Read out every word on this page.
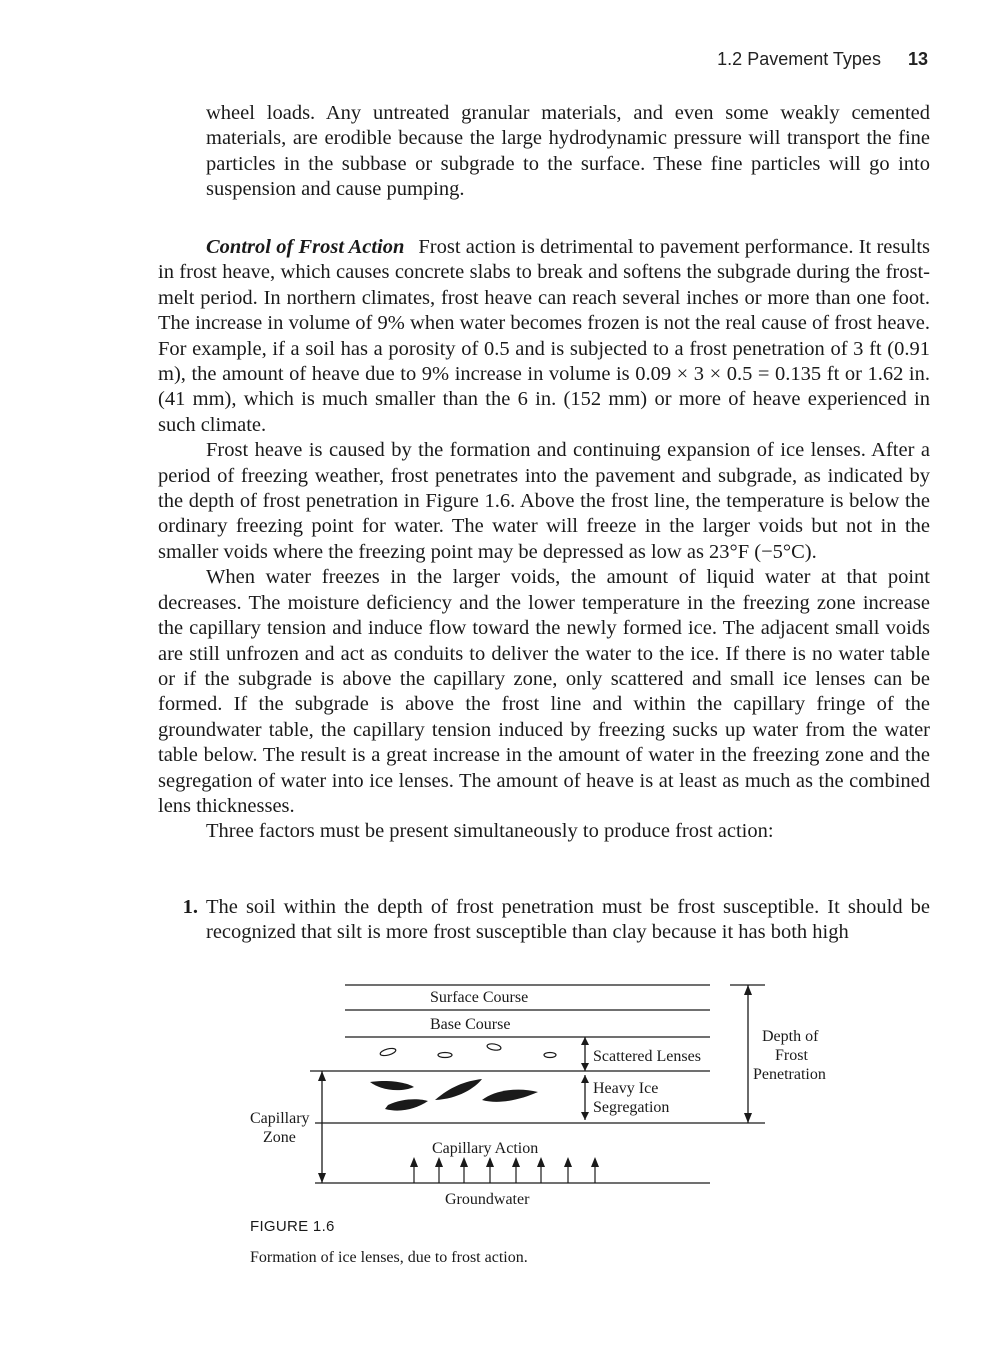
1.2 Pavement Types 13

wheel loads. Any untreated granular materials, and even some weakly cemented materials, are erodible because the large hydrodynamic pressure will transport the fine particles in the subbase or subgrade to the surface. These fine particles will go into suspension and cause pumping.

Control of Frost Action Frost action is detrimental to pavement performance. It results in frost heave, which causes concrete slabs to break and softens the subgrade during the frost-melt period. In northern climates, frost heave can reach several inches or more than one foot. The increase in volume of 9% when water becomes frozen is not the real cause of frost heave. For example, if a soil has a porosity of 0.5 and is subjected to a frost penetration of 3 ft (0.91 m), the amount of heave due to 9% increase in volume is 0.09 × 3 × 0.5 = 0.135 ft or 1.62 in. (41 mm), which is much smaller than the 6 in. (152 mm) or more of heave experienced in such climate.

Frost heave is caused by the formation and continuing expansion of ice lenses. After a period of freezing weather, frost penetrates into the pavement and subgrade, as indicated by the depth of frost penetration in Figure 1.6. Above the frost line, the temperature is below the ordinary freezing point for water. The water will freeze in the larger voids but not in the smaller voids where the freezing point may be depressed as low as 23°F (−5°C).

When water freezes in the larger voids, the amount of liquid water at that point decreases. The moisture deficiency and the lower temperature in the freezing zone increase the capillary tension and induce flow toward the newly formed ice. The adjacent small voids are still unfrozen and act as conduits to deliver the water to the ice. If there is no water table or if the subgrade is above the capillary zone, only scattered and small ice lenses can be formed. If the subgrade is above the frost line and within the capillary fringe of the groundwater table, the capillary tension induced by freezing sucks up water from the water table below. The result is a great increase in the amount of water in the freezing zone and the segregation of water into ice lenses. The amount of heave is at least as much as the combined lens thicknesses.

Three factors must be present simultaneously to produce frost action:

1. The soil within the depth of frost penetration must be frost susceptible. It should be recognized that silt is more frost susceptible than clay because it has both high
Surface Course
Base Course
Scattered Lenses
Heavy Ice
Segregation
Capillary
Zone
Capillary Action
Groundwater
Depth of
Frost
Penetration
FIGURE 1.6
Formation of ice lenses, due to frost action.
